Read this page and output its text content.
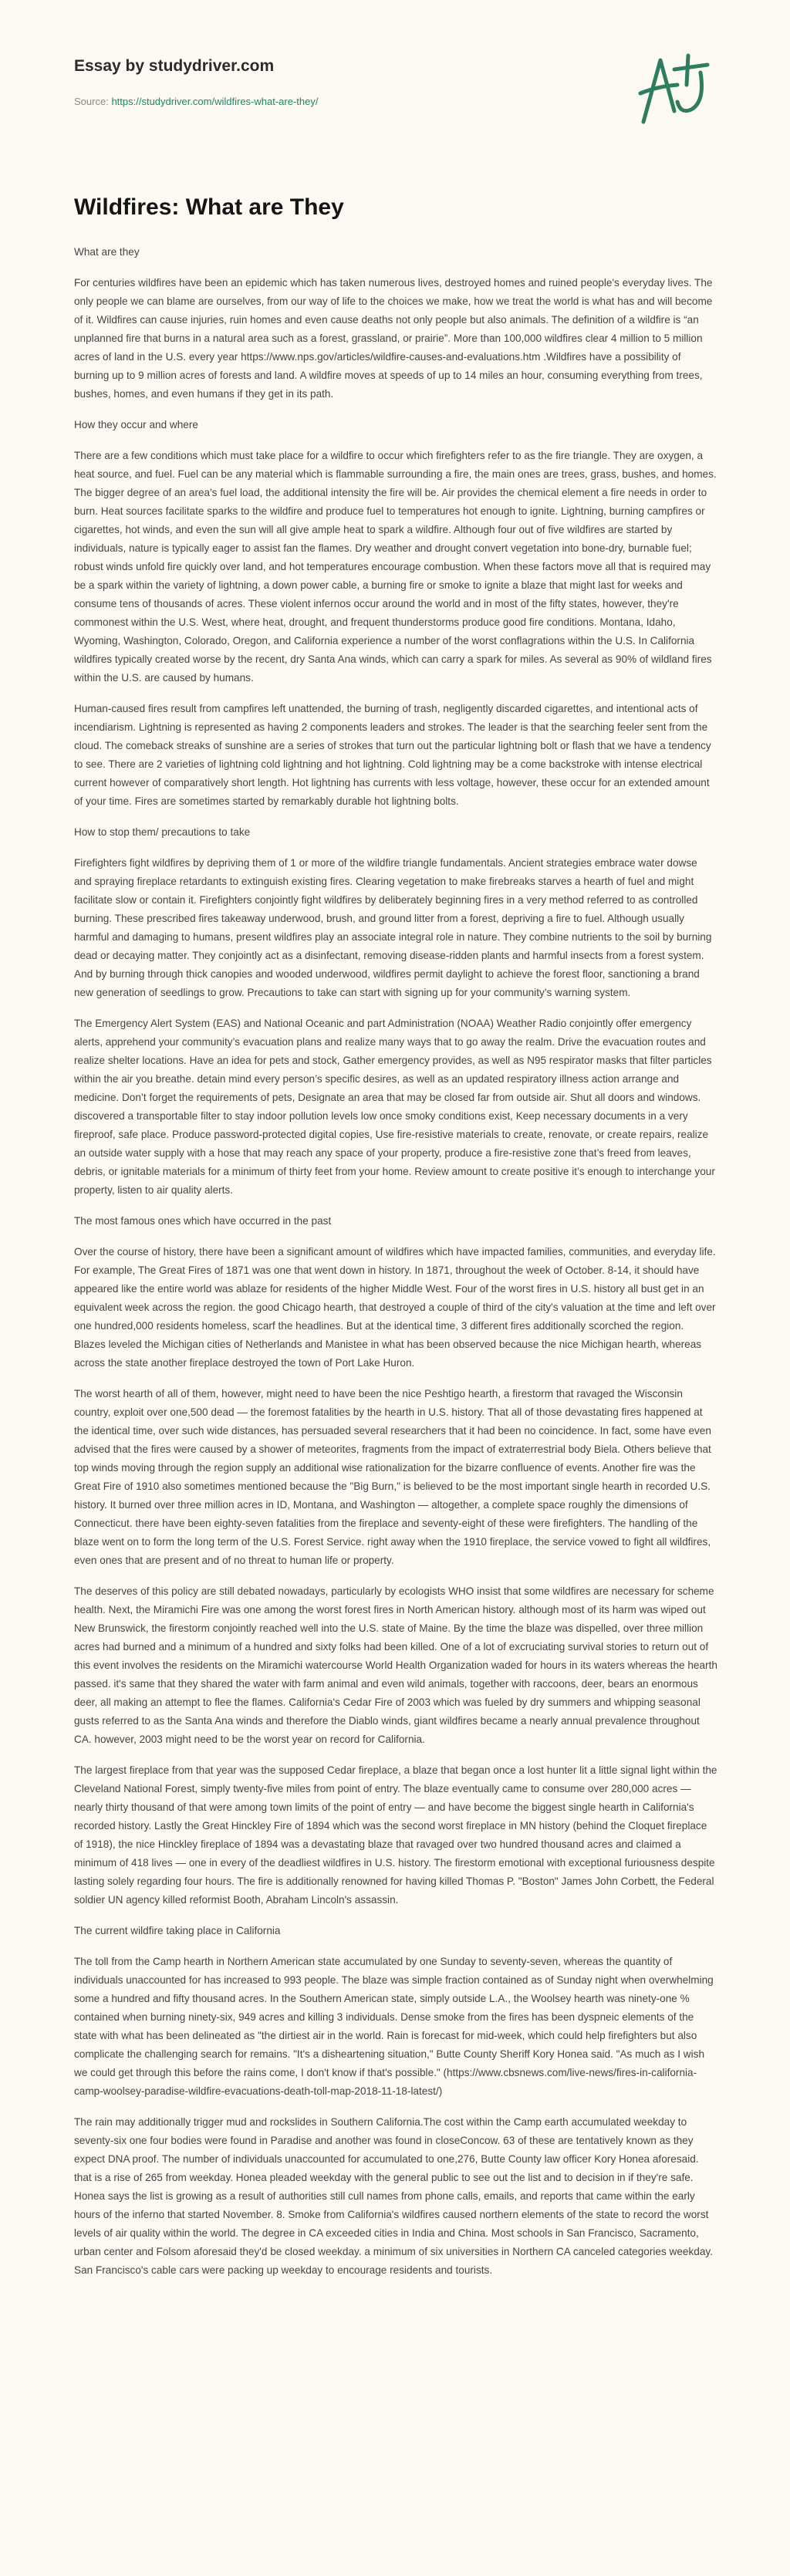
Essay by studydriver.com
Source: https://studydriver.com/wildfires-what-are-they/
Wildfires: What are They

What are they

For centuries wildfires have been an epidemic which has taken numerous lives, destroyed homes and ruined people's everyday lives. The only people we can blame are ourselves, from our way of life to the choices we make, how we treat the world is what has and will become of it. Wildfires can cause injuries, ruin homes and even cause deaths not only people but also animals. The definition of a wildfire is “an unplanned fire that burns in a natural area such as a forest, grassland, or prairie”. More than 100,000 wildfires clear 4 million to 5 million acres of land in the U.S. every year https://www.nps.gov/articles/wildfire-causes-and-evaluations.htm .Wildfires have a possibility of burning up to 9 million acres of forests and land. A wildfire moves at speeds of up to 14 miles an hour, consuming everything from trees, bushes, homes, and even humans if they get in its path.

How they occur and where

There are a few conditions which must take place for a wildfire to occur which firefighters refer to as the fire triangle. They are oxygen, a heat source, and fuel. Fuel can be any material which is flammable surrounding a fire, the main ones are trees, grass, bushes, and homes. The bigger degree of an area's fuel load, the additional intensity the fire will be. Air provides the chemical element a fire needs in order to burn. Heat sources facilitate sparks to the wildfire and produce fuel to temperatures hot enough to ignite. Lightning, burning campfires or cigarettes, hot winds, and even the sun will all give ample heat to spark a wildfire. Although four out of five wildfires are started by individuals, nature is typically eager to assist fan the flames. Dry weather and drought convert vegetation into bone-dry, burnable fuel; robust winds unfold fire quickly over land, and hot temperatures encourage combustion. When these factors move all that is required may be a spark within the variety of lightning, a down power cable, a burning fire or smoke to ignite a blaze that might last for weeks and consume tens of thousands of acres. These violent infernos occur around the world and in most of the fifty states, however, they're commonest within the U.S. West, where heat, drought, and frequent thunderstorms produce good fire conditions. Montana, Idaho, Wyoming, Washington, Colorado, Oregon, and California experience a number of the worst conflagrations within the U.S. In California wildfires typically created worse by the recent, dry Santa Ana winds, which can carry a spark for miles. As several as 90% of wildland fires within the U.S. are caused by humans.

Human-caused fires result from campfires left unattended, the burning of trash, negligently discarded cigarettes, and intentional acts of incendiarism. Lightning is represented as having 2 components leaders and strokes. The leader is that the searching feeler sent from the cloud. The comeback streaks of sunshine are a series of strokes that turn out the particular lightning bolt or flash that we have a tendency to see. There are 2 varieties of lightning cold lightning and hot lightning. Cold lightning may be a come backstroke with intense electrical current however of comparatively short length. Hot lightning has currents with less voltage, however, these occur for an extended amount of your time. Fires are sometimes started by remarkably durable hot lightning bolts.

How to stop them/ precautions to take

Firefighters fight wildfires by depriving them of 1 or more of the wildfire triangle fundamentals. Ancient strategies embrace water dowse and spraying fireplace retardants to extinguish existing fires. Clearing vegetation to make firebreaks starves a hearth of fuel and might facilitate slow or contain it. Firefighters conjointly fight wildfires by deliberately beginning fires in a very method referred to as controlled burning. These prescribed fires takeaway underwood, brush, and ground litter from a forest, depriving a fire to fuel. Although usually harmful and damaging to humans, present wildfires play an associate integral role in nature. They combine nutrients to the soil by burning dead or decaying matter. They conjointly act as a disinfectant, removing disease-ridden plants and harmful insects from a forest system. And by burning through thick canopies and wooded underwood, wildfires permit daylight to achieve the forest floor, sanctioning a brand new generation of seedlings to grow. Precautions to take can start with signing up for your community’s warning system.

The Emergency Alert System (EAS) and National Oceanic and part Administration (NOAA) Weather Radio conjointly offer emergency alerts, apprehend your community’s evacuation plans and realize many ways that to go away the realm. Drive the evacuation routes and realize shelter locations. Have an idea for pets and stock, Gather emergency provides, as well as N95 respirator masks that filter particles within the air you breathe. detain mind every person’s specific desires, as well as an updated respiratory illness action arrange and medicine. Don’t forget the requirements of pets, Designate an area that may be closed far from outside air. Shut all doors and windows. discovered a transportable filter to stay indoor pollution levels low once smoky conditions exist, Keep necessary documents in a very fireproof, safe place. Produce password-protected digital copies, Use fire-resistive materials to create, renovate, or create repairs, realize an outside water supply with a hose that may reach any space of your property, produce a fire-resistive zone that’s freed from leaves, debris, or ignitable materials for a minimum of thirty feet from your home. Review amount to create positive it’s enough to interchange your property, listen to air quality alerts.

The most famous ones which have occurred in the past

Over the course of history, there have been a significant amount of wildfires which have impacted families, communities, and everyday life. For example, The Great Fires of 1871 was one that went down in history. In 1871, throughout the week of October. 8-14, it should have appeared like the entire world was ablaze for residents of the higher Middle West. Four of the worst fires in U.S. history all bust get in an equivalent week across the region. the good Chicago hearth, that destroyed a couple of third of the city's valuation at the time and left over one hundred,000 residents homeless, scarf the headlines. But at the identical time, 3 different fires additionally scorched the region. Blazes leveled the Michigan cities of Netherlands and Manistee in what has been observed because the nice Michigan hearth, whereas across the state another fireplace destroyed the town of Port Lake Huron.

The worst hearth of all of them, however, might need to have been the nice Peshtigo hearth, a firestorm that ravaged the Wisconsin country, exploit over one,500 dead — the foremost fatalities by the hearth in U.S. history. That all of those devastating fires happened at the identical time, over such wide distances, has persuaded several researchers that it had been no coincidence. In fact, some have even advised that the fires were caused by a shower of meteorites, fragments from the impact of extraterrestrial body Biela. Others believe that top winds moving through the region supply an additional wise rationalization for the bizarre confluence of events. Another fire was the Great Fire of 1910 also sometimes mentioned because the "Big Burn," is believed to be the most important single hearth in recorded U.S. history. It burned over three million acres in ID, Montana, and Washington — altogether, a complete space roughly the dimensions of Connecticut. there have been eighty-seven fatalities from the fireplace and seventy-eight of these were firefighters. The handling of the blaze went on to form the long term of the U.S. Forest Service. right away when the 1910 fireplace, the service vowed to fight all wildfires, even ones that are present and of no threat to human life or property.

The deserves of this policy are still debated nowadays, particularly by ecologists WHO insist that some wildfires are necessary for scheme health. Next, the Miramichi Fire was one among the worst forest fires in North American history. although most of its harm was wiped out New Brunswick, the firestorm conjointly reached well into the U.S. state of Maine. By the time the blaze was dispelled, over three million acres had burned and a minimum of a hundred and sixty folks had been killed. One of a lot of excruciating survival stories to return out of this event involves the residents on the Miramichi watercourse World Health Organization waded for hours in its waters whereas the hearth passed. it's same that they shared the water with farm animal and even wild animals, together with raccoons, deer, bears an enormous deer, all making an attempt to flee the flames. California's Cedar Fire of 2003 which was fueled by dry summers and whipping seasonal gusts referred to as the Santa Ana winds and therefore the Diablo winds, giant wildfires became a nearly annual prevalence throughout CA. however, 2003 might need to be the worst year on record for California.

The largest fireplace from that year was the supposed Cedar fireplace, a blaze that began once a lost hunter lit a little signal light within the Cleveland National Forest, simply twenty-five miles from point of entry. The blaze eventually came to consume over 280,000 acres — nearly thirty thousand of that were among town limits of the point of entry — and have become the biggest single hearth in California's recorded history. Lastly the Great Hinckley Fire of 1894 which was the second worst fireplace in MN history (behind the Cloquet fireplace of 1918), the nice Hinckley fireplace of 1894 was a devastating blaze that ravaged over two hundred thousand acres and claimed a minimum of 418 lives — one in every of the deadliest wildfires in U.S. history. The firestorm emotional with exceptional furiousness despite lasting solely regarding four hours. The fire is additionally renowned for having killed Thomas P. "Boston" James John Corbett, the Federal soldier UN agency killed reformist Booth, Abraham Lincoln's assassin.

The current wildfire taking place in California

The toll from the Camp hearth in Northern American state accumulated by one Sunday to seventy-seven, whereas the quantity of individuals unaccounted for has increased to 993 people. The blaze was simple fraction contained as of Sunday night when overwhelming some a hundred and fifty thousand acres. In the Southern American state, simply outside L.A., the Woolsey hearth was ninety-one % contained when burning ninety-six, 949 acres and killing 3 individuals. Dense smoke from the fires has been dyspneic elements of the state with what has been delineated as "the dirtiest air in the world. Rain is forecast for mid-week, which could help firefighters but also complicate the challenging search for remains. "It's a disheartening situation," Butte County Sheriff Kory Honea said. "As much as I wish we could get through this before the rains come, I don't know if that's possible." (https://www.cbsnews.com/live-news/fires-in-california-camp-woolsey-paradise-wildfire-evacuations-death-toll-map-2018-11-18-latest/)

The rain may additionally trigger mud and rockslides in Southern California.The cost within the Camp earth accumulated weekday to seventy-six one four bodies were found in Paradise and another was found in closeConcow. 63 of these are tentatively known as they expect DNA proof. The number of individuals unaccounted for accumulated to one,276, Butte County law officer Kory Honea aforesaid. that is a rise of 265 from weekday. Honea pleaded weekday with the general public to see out the list and to decision in if they're safe. Honea says the list is growing as a result of authorities still cull names from phone calls, emails, and reports that came within the early hours of the inferno that started November. 8. Smoke from California's wildfires caused northern elements of the state to record the worst levels of air quality within the world. The degree in CA exceeded cities in India and China. Most schools in San Francisco, Sacramento, urban center and Folsom aforesaid they'd be closed weekday. a minimum of six universities in Northern CA canceled categories weekday. San Francisco's cable cars were packing up weekday to encourage residents and tourists.
